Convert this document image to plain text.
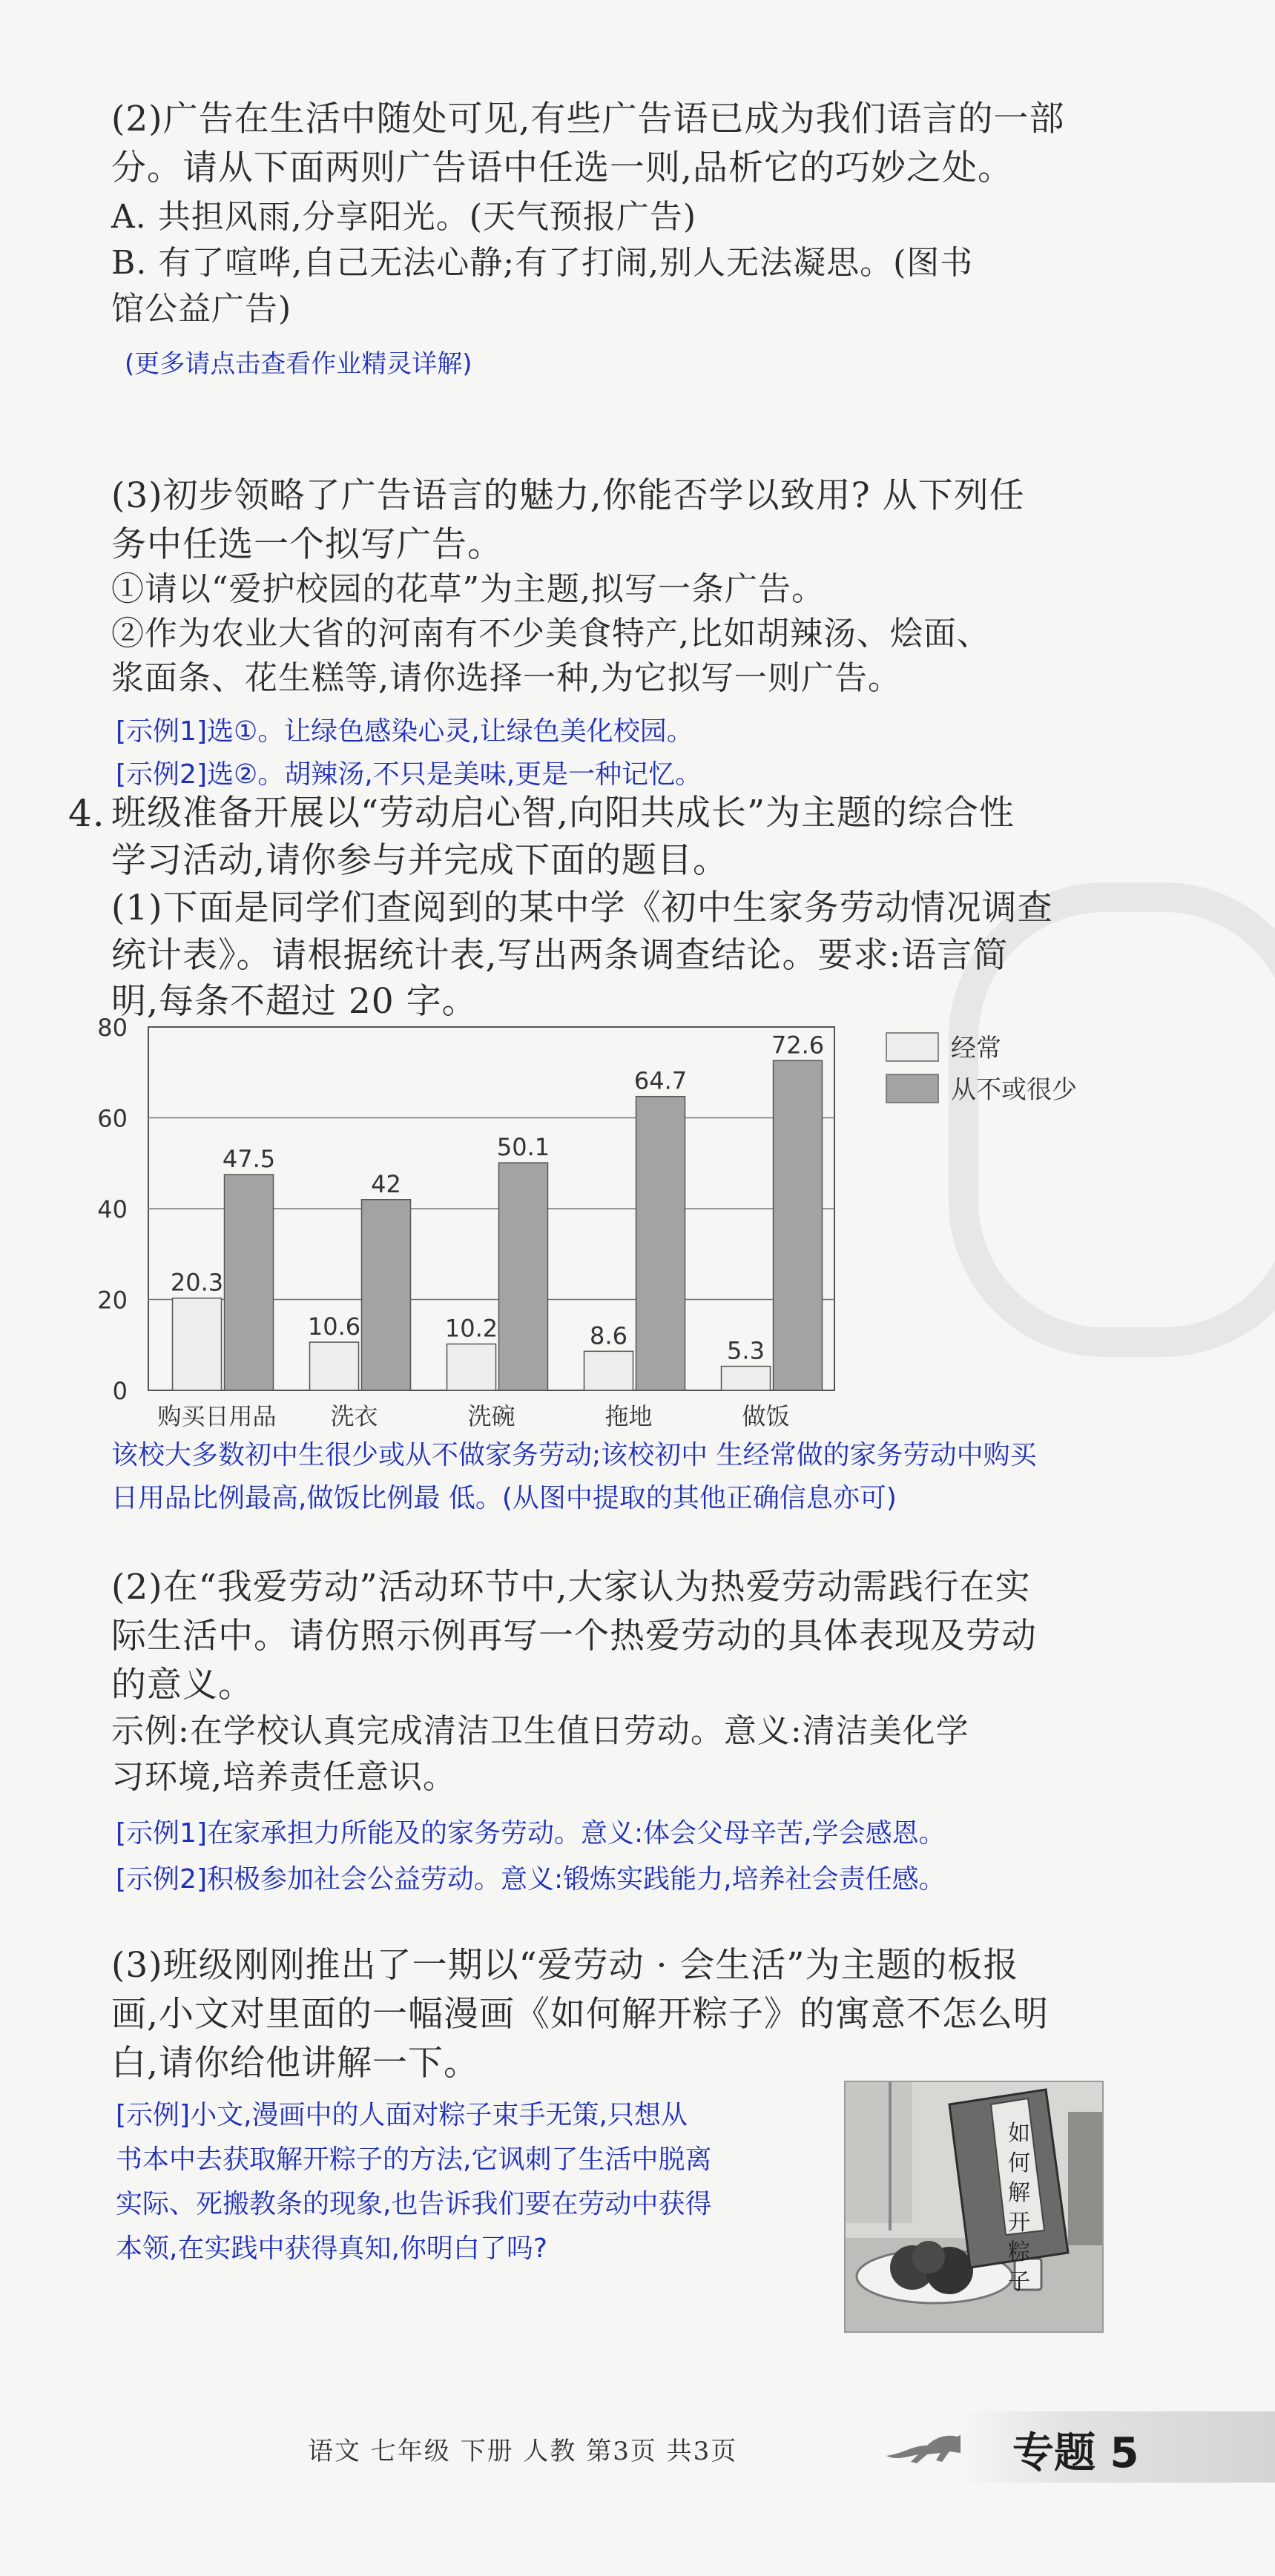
(2)广告在生活中随处可见,有些广告语已成为我们语言的一部
分。请从下面两则广告语中任选一则,品析它的巧妙之处。
A. 共担风雨,分享阳光。(天气预报广告)
B. 有了喧哗,自己无法心静;有了打闹,别人无法凝思。(图书
馆公益广告)
(更多请点击查看作业精灵详解)
(3)初步领略了广告语言的魅力,你能否学以致用? 从下列任
务中任选一个拟写广告。
①请以“爱护校园的花草”为主题,拟写一条广告。
②作为农业大省的河南有不少美食特产,比如胡辣汤、烩面、
浆面条、花生糕等,请你选择一种,为它拟写一则广告。
[示例1]选①。让绿色感染心灵,让绿色美化校园。
[示例2]选②。胡辣汤,不只是美味,更是一种记忆。
4. 班级准备开展以“劳动启心智,向阳共成长”为主题的综合性
学习活动,请你参与并完成下面的题目。
(1)下面是同学们查阅到的某中学《初中生家务劳动情况调查
统计表》。请根据统计表,写出两条调查结论。要求:语言简
明,每条不超过 20 字。
0
20
40
60
80
20.3
47.5
购买日用品
10.6
42
洗衣
10.2
50.1
洗碗
8.6
64.7
拖地
5.3
72.6
做饭
经常
从不或很少
该校大多数初中生很少或从不做家务劳动;该校初中 生经常做的家务劳动中购买
日用品比例最高,做饭比例最 低。(从图中提取的其他正确信息亦可)
(2)在“我爱劳动”活动环节中,大家认为热爱劳动需践行在实
际生活中。请仿照示例再写一个热爱劳动的具体表现及劳动
的意义。
示例:在学校认真完成清洁卫生值日劳动。意义:清洁美化学
习环境,培养责任意识。
[示例1]在家承担力所能及的家务劳动。意义:体会父母辛苦,学会感恩。
[示例2]积极参加社会公益劳动。意义:锻炼实践能力,培养社会责任感。
(3)班级刚刚推出了一期以“爱劳动 · 会生活”为主题的板报
画,小文对里面的一幅漫画《如何解开粽子》的寓意不怎么明
白,请你给他讲解一下。
[示例]小文,漫画中的人面对粽子束手无策,只想从
书本中去获取解开粽子的方法,它讽刺了生活中脱离
实际、死搬教条的现象,也告诉我们要在劳动中获得
本领,在实践中获得真知,你明白了吗?
如何
解开
粽子
语文 七年级 下册 人教 第3页 共3页	专题 5
